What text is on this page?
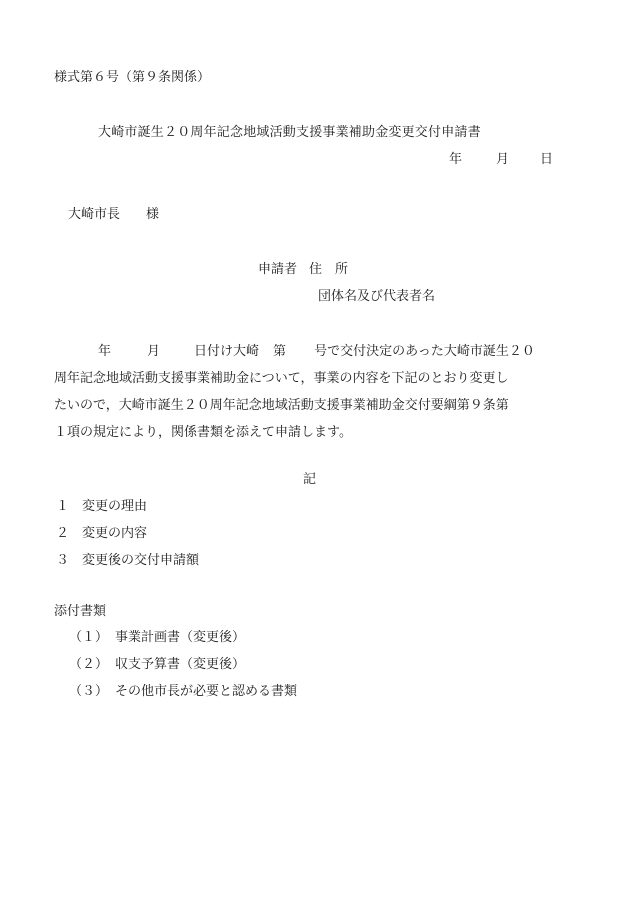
様式第６号（第９条関係）
大崎市誕生２０周年記念地域活動支援事業補助金変更交付申請書
年	月 日
大崎市長　　様
申請者 住　所
団体名及び代表者名
年	月	日付け大崎 第 号で交付決定のあった大崎市誕生２０
周年記念地域活動支援事業補助金について，事業の内容を下記のとおり変更し
たいので，大崎市誕生２０周年記念地域活動支援事業補助金交付要綱第９条第
１項の規定により，関係書類を添えて申請します。
記
１ 変更の理由
２ 変更の内容
３ 変更後の交付申請額
添付書類
（１） 事業計画書（変更後）
（２） 収支予算書（変更後）
（３） その他市長が必要と認める書類
